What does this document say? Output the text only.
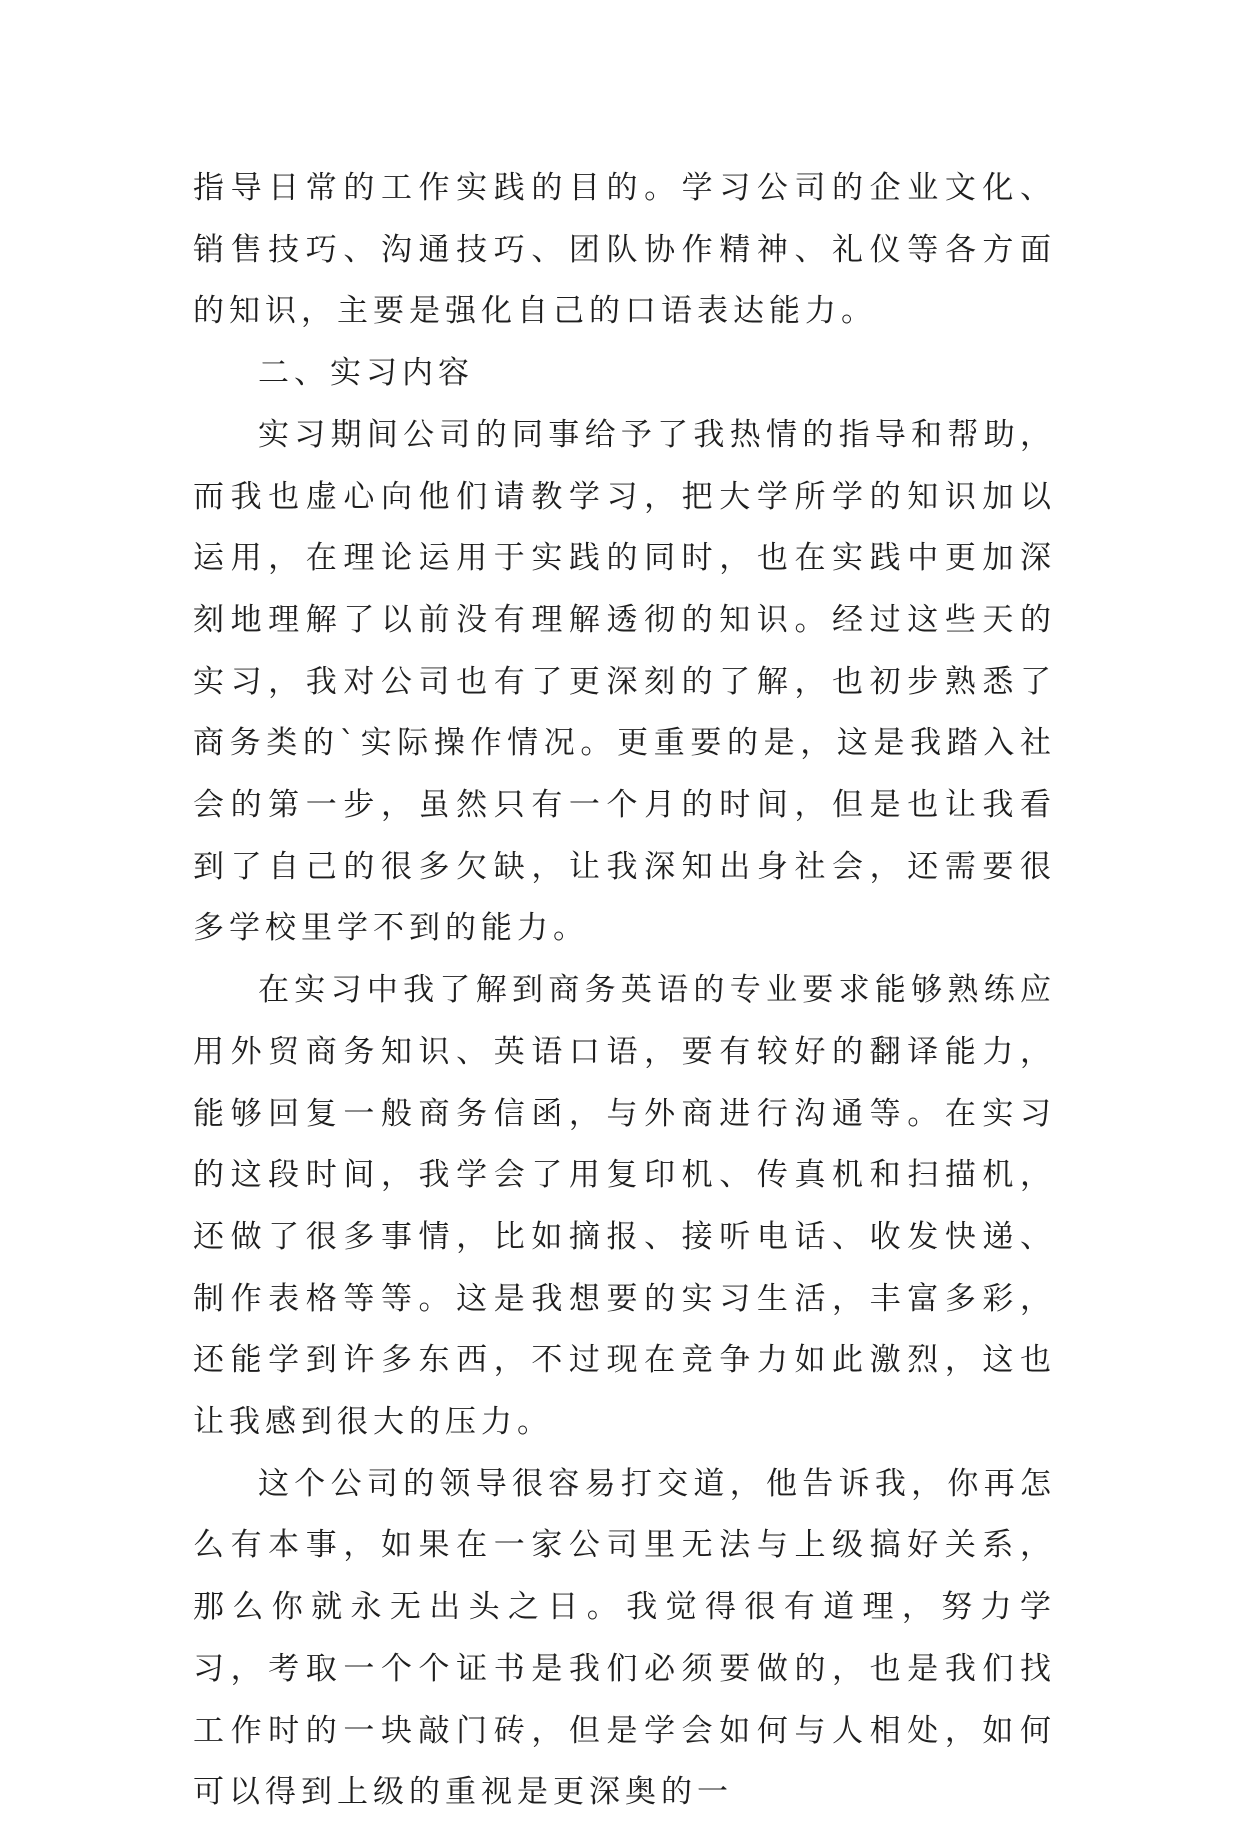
指导日常的工作实践的目的。学习公司的企业文化、销售技巧、沟通技巧、团队协作精神、礼仪等各方面的知识，主要是强化自己的口语表达能力。

二、实习内容

实习期间公司的同事给予了我热情的指导和帮助，而我也虚心向他们请教学习，把大学所学的知识加以运用，在理论运用于实践的同时，也在实践中更加深刻地理解了以前没有理解透彻的知识。经过这些天的实习，我对公司也有了更深刻的了解，也初步熟悉了商务类的`实际操作情况。更重要的是，这是我踏入社会的第一步，虽然只有一个月的时间，但是也让我看到了自己的很多欠缺，让我深知出身社会，还需要很多学校里学不到的能力。

在实习中我了解到商务英语的专业要求能够熟练应用外贸商务知识、英语口语，要有较好的翻译能力，能够回复一般商务信函，与外商进行沟通等。在实习的这段时间，我学会了用复印机、传真机和扫描机，还做了很多事情，比如摘报、接听电话、收发快递、制作表格等等。这是我想要的实习生活，丰富多彩，还能学到许多东西，不过现在竞争力如此激烈，这也让我感到很大的压力。

这个公司的领导很容易打交道，他告诉我，你再怎么有本事，如果在一家公司里无法与上级搞好关系，那么你就永无出头之日。我觉得很有道理，努力学习，考取一个个证书是我们必须要做的，也是我们找工作时的一块敲门砖，但是学会如何与人相处，如何可以得到上级的重视是更深奥的一
